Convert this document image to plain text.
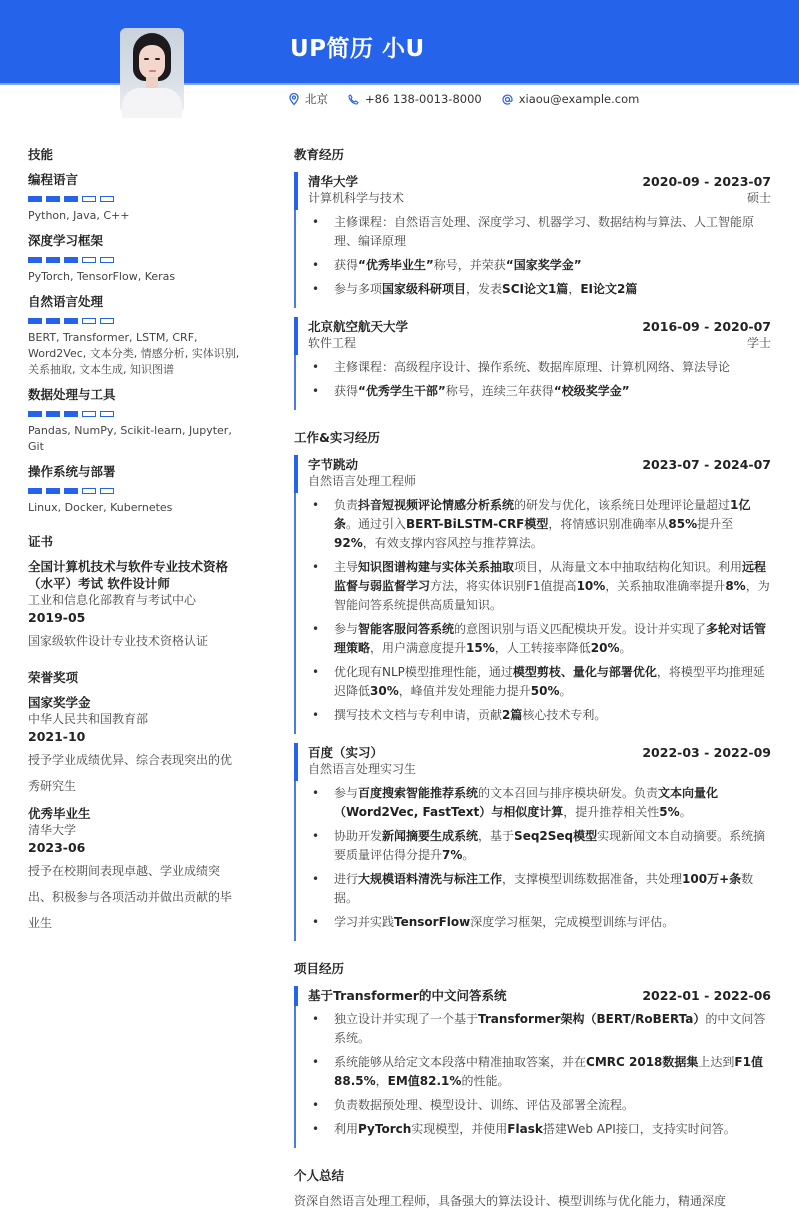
UP简历 小U
北京	+86 138-0013-8000	xiaou@example.com
技能
编程语言
Python, Java, C++
深度学习框架
PyTorch, TensorFlow, Keras
自然语言处理
BERT, Transformer, LSTM, CRF, Word2Vec, 文本分类, 情感分析, 实体识别, 关系抽取, 文本生成, 知识图谱
数据处理与工具
Pandas, NumPy, Scikit-learn, Jupyter, Git
操作系统与部署
Linux, Docker, Kubernetes
证书
全国计算机技术与软件专业技术资格（水平）考试 软件设计师
工业和信息化部教育与考试中心
2019-05
国家级软件设计专业技术资格认证
荣誉奖项
国家奖学金
中华人民共和国教育部
2021-10
授予学业成绩优异、综合表现突出的优秀研究生
优秀毕业生
清华大学
2023-06
授予在校期间表现卓越、学业成绩突出、积极参与各项活动并做出贡献的毕业生
教育经历
清华大学	2020-09 - 2023-07
计算机科学与技术	硕士
• 主修课程：自然语言处理、深度学习、机器学习、数据结构与算法、人工智能原理、编译原理
• 获得“优秀毕业生”称号，并荣获“国家奖学金”
• 参与多项国家级科研项目，发表SCI论文1篇，EI论文2篇
北京航空航天大学	2016-09 - 2020-07
软件工程	学士
• 主修课程：高级程序设计、操作系统、数据库原理、计算机网络、算法导论
• 获得“优秀学生干部”称号，连续三年获得“校级奖学金”
工作&实习经历
字节跳动	2023-07 - 2024-07
自然语言处理工程师
• 负责抖音短视频评论情感分析系统的研发与优化，该系统日处理评论量超过1亿条。通过引入BERT-BiLSTM-CRF模型，将情感识别准确率从85%提升至92%，有效支撑内容风控与推荐算法。
• 主导知识图谱构建与实体关系抽取项目，从海量文本中抽取结构化知识。利用远程监督与弱监督学习方法，将实体识别F1值提高10%，关系抽取准确率提升8%，为智能问答系统提供高质量知识。
• 参与智能客服问答系统的意图识别与语义匹配模块开发。设计并实现了多轮对话管理策略，用户满意度提升15%，人工转接率降低20%。
• 优化现有NLP模型推理性能，通过模型剪枝、量化与部署优化，将模型平均推理延迟降低30%，峰值并发处理能力提升50%。
• 撰写技术文档与专利申请，贡献2篇核心技术专利。
百度（实习）	2022-03 - 2022-09
自然语言处理实习生
• 参与百度搜索智能推荐系统的文本召回与排序模块研发。负责文本向量化（Word2Vec, FastText）与相似度计算，提升推荐相关性5%。
• 协助开发新闻摘要生成系统，基于Seq2Seq模型实现新闻文本自动摘要。系统摘要质量评估得分提升7%。
• 进行大规模语料清洗与标注工作，支撑模型训练数据准备，共处理100万+条数据。
• 学习并实践TensorFlow深度学习框架，完成模型训练与评估。
项目经历
基于Transformer的中文问答系统	2022-01 - 2022-06
• 独立设计并实现了一个基于Transformer架构（BERT/RoBERTa）的中文问答系统。
• 系统能够从给定文本段落中精准抽取答案，并在CMRC 2018数据集上达到F1值88.5%，EM值82.1%的性能。
• 负责数据预处理、模型设计、训练、评估及部署全流程。
• 利用PyTorch实现模型，并使用Flask搭建Web API接口，支持实时问答。
个人总结
资深自然语言处理工程师，具备强大的算法设计、模型训练与优化能力，精通深度
